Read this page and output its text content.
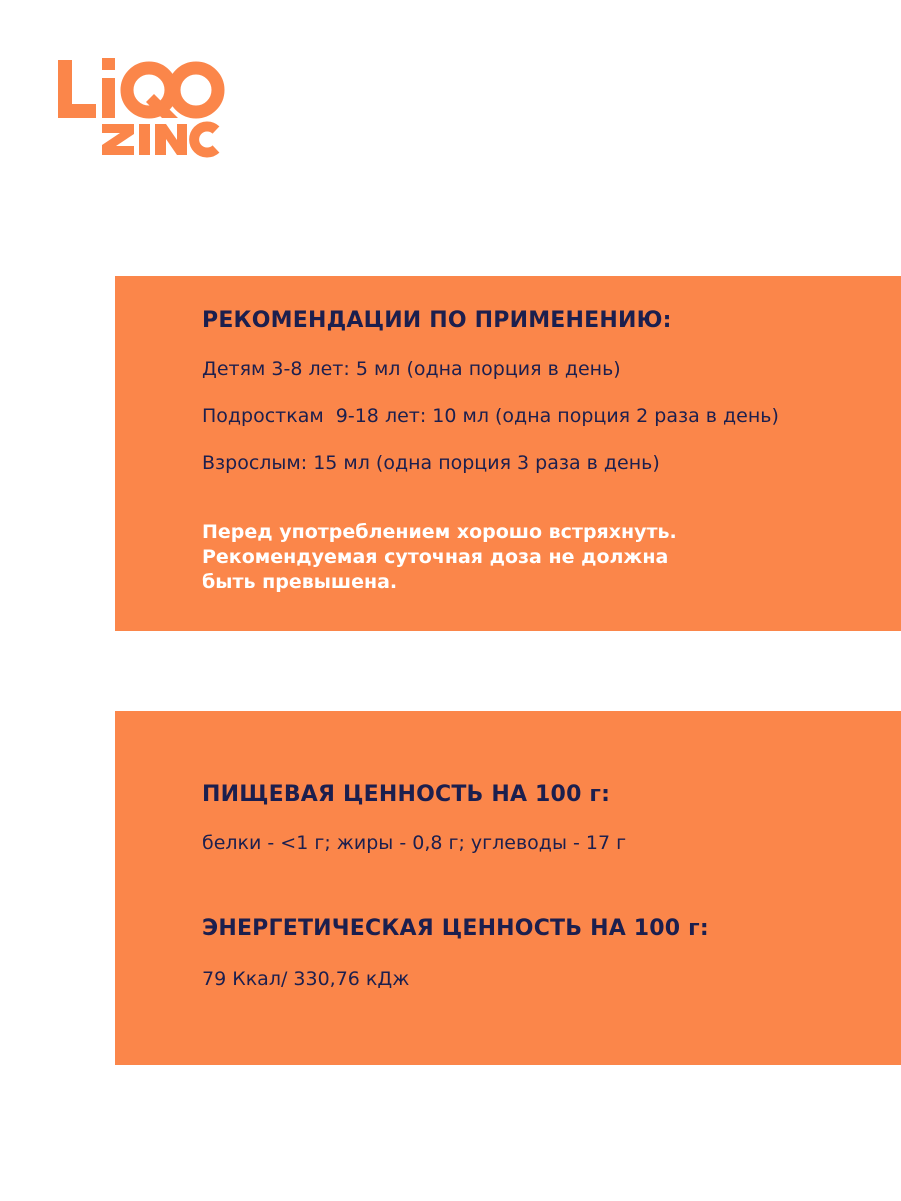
РЕКОМЕНДАЦИИ ПО ПРИМЕНЕНИЮ:

Детям 3-8 лет: 5 мл (одна порция в день)

Подросткам  9-18 лет: 10 мл (одна порция 2 раза в день)

Взрослым: 15 мл (одна порция 3 раза в день)

Перед употреблением хорошо встряхнуть.
Рекомендуемая суточная доза не должна
быть превышена.

ПИЩЕВАЯ ЦЕННОСТЬ НА 100 г:

белки - <1 г; жиры - 0,8 г; углеводы - 17 г

ЭНЕРГЕТИЧЕСКАЯ ЦЕННОСТЬ НА 100 г:

79 Ккал/ 330,76 кДж
